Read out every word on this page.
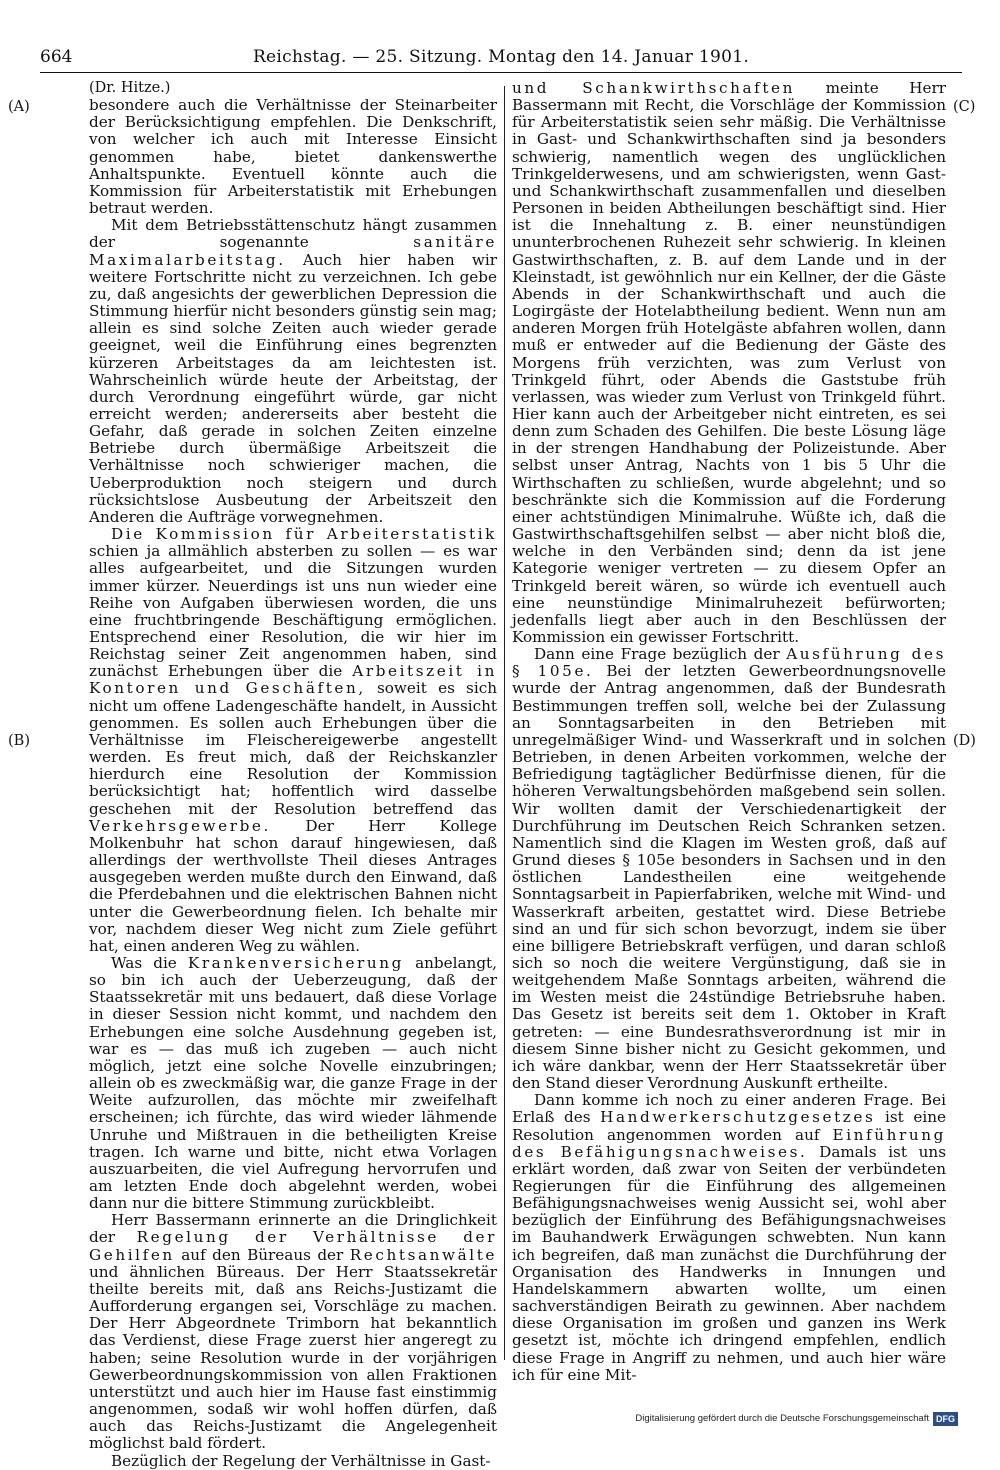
664	Reichstag. — 25. Sitzung. Montag den 14. Januar 1901.
(A)
(B)
(C)
(D)

(Dr. Hitze.)

besondere auch die Verhältnisse der Steinarbeiter der Berücksichtigung empfehlen. Die Denkschrift, von welcher ich auch mit Interesse Einsicht genommen habe, bietet dankenswerthe Anhaltspunkte. Eventuell könnte auch die Kommission für Arbeiterstatistik mit Erhebungen betraut werden.

Mit dem Betriebsstättenschutz hängt zusammen der sogenannte sanitäre Maximalarbeitstag. Auch hier haben wir weitere Fortschritte nicht zu verzeichnen. Ich gebe zu, daß angesichts der gewerblichen Depression die Stimmung hierfür nicht besonders günstig sein mag; allein es sind solche Zeiten auch wieder gerade geeignet, weil die Einführung eines begrenzten kürzeren Arbeitstages da am leichtesten ist. Wahrscheinlich würde heute der Arbeitstag, der durch Verordnung eingeführt würde, gar nicht erreicht werden; andererseits aber besteht die Gefahr, daß gerade in solchen Zeiten einzelne Betriebe durch übermäßige Arbeitszeit die Verhältnisse noch schwieriger machen, die Ueberproduktion noch steigern und durch rücksichtslose Ausbeutung der Arbeitszeit den Anderen die Aufträge vorwegnehmen.

Die Kommission für Arbeiterstatistik schien ja allmählich absterben zu sollen — es war alles aufgearbeitet, und die Sitzungen wurden immer kürzer. Neuerdings ist uns nun wieder eine Reihe von Aufgaben überwiesen worden, die uns eine fruchtbringende Beschäftigung ermöglichen. Entsprechend einer Resolution, die wir hier im Reichstag seiner Zeit angenommen haben, sind zunächst Erhebungen über die Arbeitszeit in Kontoren und Geschäften, soweit es sich nicht um offene Ladengeschäfte handelt, in Aussicht genommen. Es sollen auch Erhebungen über die Verhältnisse im Fleischereigewerbe angestellt werden. Es freut mich, daß der Reichskanzler hierdurch eine Resolution der Kommission berücksichtigt hat; hoffentlich wird dasselbe geschehen mit der Resolution betreffend das Verkehrsgewerbe. Der Herr Kollege Molkenbuhr hat schon darauf hingewiesen, daß allerdings der werthvollste Theil dieses Antrages ausgegeben werden mußte durch den Einwand, daß die Pferdebahnen und die elektrischen Bahnen nicht unter die Gewerbeordnung fielen. Ich behalte mir vor, nachdem dieser Weg nicht zum Ziele geführt hat, einen anderen Weg zu wählen.

Was die Krankenversicherung anbelangt, so bin ich auch der Ueberzeugung, daß der Staatssekretär mit uns bedauert, daß diese Vorlage in dieser Session nicht kommt, und nachdem den Erhebungen eine solche Ausdehnung gegeben ist, war es — das muß ich zugeben — auch nicht möglich, jetzt eine solche Novelle einzubringen; allein ob es zweckmäßig war, die ganze Frage in der Weite aufzurollen, das möchte mir zweifelhaft erscheinen; ich fürchte, das wird wieder lähmende Unruhe und Mißtrauen in die betheiligten Kreise tragen. Ich warne und bitte, nicht etwa Vorlagen auszuarbeiten, die viel Aufregung hervorrufen und am letzten Ende doch abgelehnt werden, wobei dann nur die bittere Stimmung zurückbleibt.

Herr Bassermann erinnerte an die Dringlichkeit der Regelung der Verhältnisse der Gehilfen auf den Büreaus der Rechtsanwälte und ähnlichen Büreaus. Der Herr Staatssekretär theilte bereits mit, daß ans Reichs-Justizamt die Aufforderung ergangen sei, Vorschläge zu machen. Der Herr Abgeordnete Trimborn hat bekanntlich das Verdienst, diese Frage zuerst hier angeregt zu haben; seine Resolution wurde in der vorjährigen Gewerbeordnungskommission von allen Fraktionen unterstützt und auch hier im Hause fast einstimmig angenommen, sodaß wir wohl hoffen dürfen, daß auch das Reichs-Justizamt die Angelegenheit möglichst bald fördert.

Bezüglich der Regelung der Verhältnisse in Gast-

und Schankwirthschaften meinte Herr Bassermann mit Recht, die Vorschläge der Kommission für Arbeiterstatistik seien sehr mäßig. Die Verhältnisse in Gast- und Schankwirthschaften sind ja besonders schwierig, namentlich wegen des unglücklichen Trinkgelderwesens, und am schwierigsten, wenn Gast- und Schankwirthschaft zusammenfallen und dieselben Personen in beiden Abtheilungen beschäftigt sind. Hier ist die Innehaltung z. B. einer neunstündigen ununterbrochenen Ruhezeit sehr schwierig. In kleinen Gastwirthschaften, z. B. auf dem Lande und in der Kleinstadt, ist gewöhnlich nur ein Kellner, der die Gäste Abends in der Schankwirthschaft und auch die Logirgäste der Hotelabtheilung bedient. Wenn nun am anderen Morgen früh Hotelgäste abfahren wollen, dann muß er entweder auf die Bedienung der Gäste des Morgens früh verzichten, was zum Verlust von Trinkgeld führt, oder Abends die Gaststube früh verlassen, was wieder zum Verlust von Trinkgeld führt. Hier kann auch der Arbeitgeber nicht eintreten, es sei denn zum Schaden des Gehilfen. Die beste Lösung läge in der strengen Handhabung der Polizeistunde. Aber selbst unser Antrag, Nachts von 1 bis 5 Uhr die Wirthschaften zu schließen, wurde abgelehnt; und so beschränkte sich die Kommission auf die Forderung einer achtstündigen Minimalruhe. Wüßte ich, daß die Gastwirthschaftsgehilfen selbst — aber nicht bloß die, welche in den Verbänden sind; denn da ist jene Kategorie weniger vertreten — zu diesem Opfer an Trinkgeld bereit wären, so würde ich eventuell auch eine neunstündige Minimalruhezeit befürworten; jedenfalls liegt aber auch in den Beschlüssen der Kommission ein gewisser Fortschritt.

Dann eine Frage bezüglich der Ausführung des § 105e. Bei der letzten Gewerbeordnungsnovelle wurde der Antrag angenommen, daß der Bundesrath Bestimmungen treffen soll, welche bei der Zulassung an Sonntagsarbeiten in den Betrieben mit unregelmäßiger Wind- und Wasserkraft und in solchen Betrieben, in denen Arbeiten vorkommen, welche der Befriedigung tagtäglicher Bedürfnisse dienen, für die höheren Verwaltungsbehörden maßgebend sein sollen. Wir wollten damit der Verschiedenartigkeit der Durchführung im Deutschen Reich Schranken setzen. Namentlich sind die Klagen im Westen groß, daß auf Grund dieses § 105e besonders in Sachsen und in den östlichen Landestheilen eine weitgehende Sonntagsarbeit in Papierfabriken, welche mit Wind- und Wasserkraft arbeiten, gestattet wird. Diese Betriebe sind an und für sich schon bevorzugt, indem sie über eine billigere Betriebskraft verfügen, und daran schloß sich so noch die weitere Vergünstigung, daß sie in weitgehendem Maße Sonntags arbeiten, während die im Westen meist die 24stündige Betriebsruhe haben. Das Gesetz ist bereits seit dem 1. Oktober in Kraft getreten: — eine Bundesrathsverordnung ist mir in diesem Sinne bisher nicht zu Gesicht gekommen, und ich wäre dankbar, wenn der Herr Staatssekretär über den Stand dieser Verordnung Auskunft ertheilte.

Dann komme ich noch zu einer anderen Frage. Bei Erlaß des Handwerkerschutzgesetzes ist eine Resolution angenommen worden auf Einführung des Befähigungsnachweises. Damals ist uns erklärt worden, daß zwar von Seiten der verbündeten Regierungen für die Einführung des allgemeinen Befähigungsnachweises wenig Aussicht sei, wohl aber bezüglich der Einführung des Befähigungsnachweises im Bauhandwerk Erwägungen schwebten. Nun kann ich begreifen, daß man zunächst die Durchführung der Organisation des Handwerks in Innungen und Handelskammern abwarten wollte, um einen sachverständigen Beirath zu gewinnen. Aber nachdem diese Organisation im großen und ganzen ins Werk gesetzt ist, möchte ich dringend empfehlen, endlich diese Frage in Angriff zu nehmen, und auch hier wäre ich für eine Mit-

Digitalisierung gefördert durch die Deutsche Forschungsgemeinschaft DFG
